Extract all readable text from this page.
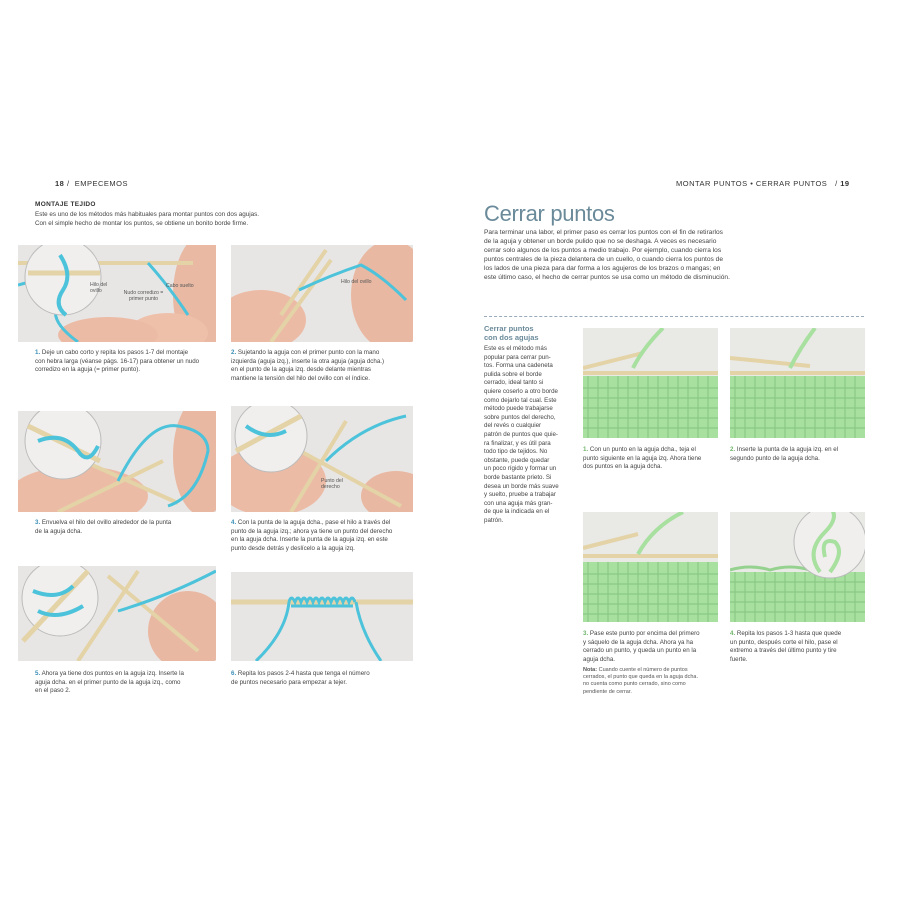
18 / EMPECEMOS
MONTAJE TEJIDO
Este es uno de los métodos más habituales para montar puntos con dos agujas.
Con el simple hecho de montar los puntos, se obtiene un bonito borde firme.
Hilo del ovillo
Cabo suelto
Nudo corredizo = primer punto
1. Deje un cabo corto y repita los pasos 1-7 del montaje
con hebra larga (véanse págs. 16-17) para obtener un nudo
corredizo en la aguja (= primer punto).
Hilo del ovillo
2. Sujetando la aguja con el primer punto con la mano
izquierda (aguja izq.), inserte la otra aguja (aguja dcha.)
en el punto de la aguja izq. desde delante mientras
mantiene la tensión del hilo del ovillo con el índice.
3. Envuelva el hilo del ovillo alrededor de la punta
de la aguja dcha.
Punto del derecho
4. Con la punta de la aguja dcha., pase el hilo a través del
punto de la aguja izq.; ahora ya tiene un punto del derecho
en la aguja dcha. Inserte la punta de la aguja izq. en este
punto desde detrás y deslícelo a la aguja izq.
5. Ahora ya tiene dos puntos en la aguja izq. Inserte la
aguja dcha. en el primer punto de la aguja izq., como
en el paso 2.
6. Repita los pasos 2-4 hasta que tenga el número
de puntos necesario para empezar a tejer.
MONTAR PUNTOS • CERRAR PUNTOS / 19
Cerrar puntos
Para terminar una labor, el primer paso es cerrar los puntos con el fin de retirarlos
de la aguja y obtener un borde pulido que no se deshaga. A veces es necesario
cerrar solo algunos de los puntos a medio trabajo. Por ejemplo, cuando cierra los
puntos centrales de la pieza delantera de un cuello, o cuando cierra los puntos de
los lados de una pieza para dar forma a los agujeros de los brazos o mangas; en
este último caso, el hecho de cerrar puntos se usa como un método de disminución.
Cerrar puntos
con dos agujas
Este es el método más
popular para cerrar pun-
tos. Forma una cadeneta
pulida sobre el borde
cerrado, ideal tanto si
quiere coserlo a otro borde
como dejarlo tal cual. Este
método puede trabajarse
sobre puntos del derecho,
del revés o cualquier
patrón de puntos que quie-
ra finalizar, y es útil para
todo tipo de tejidos. No
obstante, puede quedar
un poco rígido y formar un
borde bastante prieto. Si
desea un borde más suave
y suelto, pruebe a trabajar
con una aguja más gran-
de que la indicada en el
patrón.
1. Con un punto en la aguja dcha., teja el
punto siguiente en la aguja izq. Ahora tiene
dos puntos en la aguja dcha.
2. Inserte la punta de la aguja izq. en el
segundo punto de la aguja dcha.
3. Pase este punto por encima del primero
y sáquelo de la aguja dcha. Ahora ya ha
cerrado un punto, y queda un punto en la
aguja dcha.
Nota: Cuando cuente el número de puntos
cerrados, el punto que queda en la aguja dcha.
no cuenta como punto cerrado, sino como
pendiente de cerrar.
4. Repita los pasos 1-3 hasta que quede
un punto, después corte el hilo, pase el
extremo a través del último punto y tire
fuerte.
